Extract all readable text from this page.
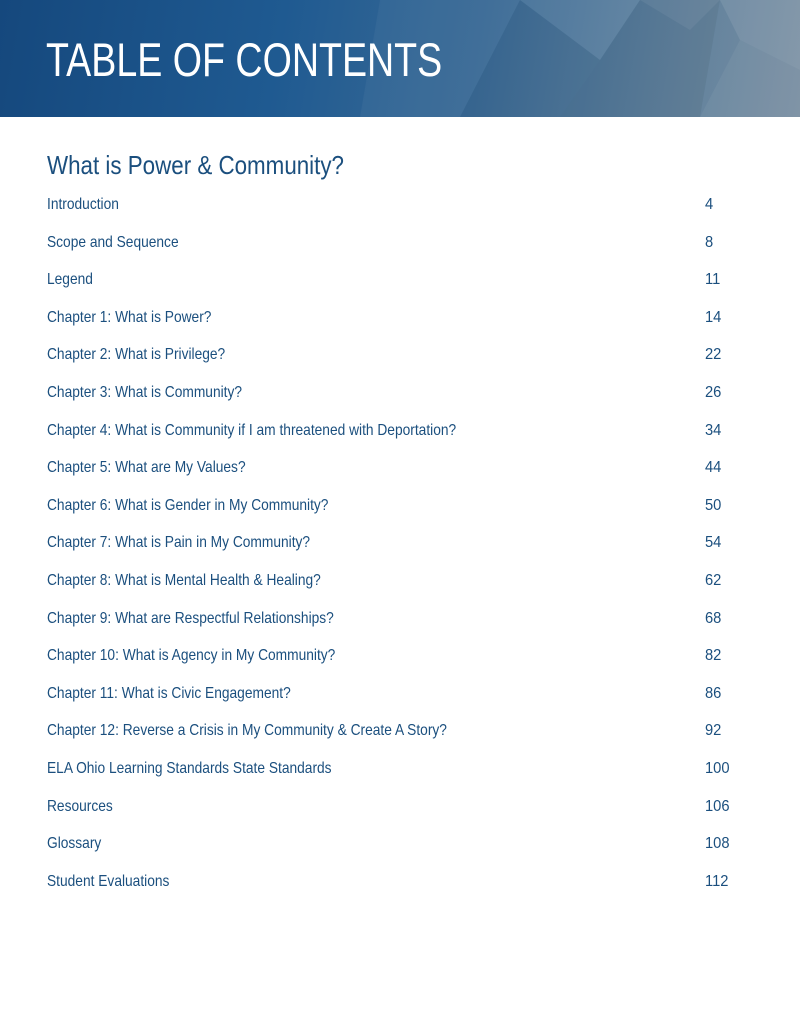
TABLE OF CONTENTS
What is Power & Community?
Introduction	4
Scope and Sequence	8
Legend	11
Chapter 1: What is Power?	14
Chapter 2: What is Privilege?	22
Chapter 3: What is Community?	26
Chapter 4: What is Community if I am threatened with Deportation?	34
Chapter 5: What are My Values?	44
Chapter 6: What is Gender in My Community?	50
Chapter 7: What is Pain in My Community?	54
Chapter 8: What is Mental Health & Healing?	62
Chapter 9: What are Respectful Relationships?	68
Chapter 10: What is Agency in My Community?	82
Chapter 11: What is Civic Engagement?	86
Chapter 12: Reverse a Crisis in My Community & Create A Story?	92
ELA Ohio Learning Standards State Standards	100
Resources	106
Glossary	108
Student Evaluations	112
